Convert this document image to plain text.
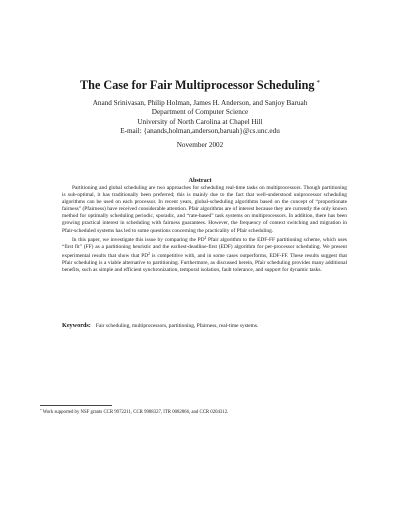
The Case for Fair Multiprocessor Scheduling *
Anand Srinivasan, Philip Holman, James H. Anderson, and Sanjoy Baruah
Department of Computer Science
University of North Carolina at Chapel Hill
E-mail: {anands,holman,anderson,baruah}@cs.unc.edu
November 2002
Abstract

Partitioning and global scheduling are two approaches for scheduling real-time tasks on multiprocessors. Though partitioning is sub-optimal, it has traditionally been preferred; this is mainly due to the fact that well-understood uniprocessor scheduling algorithms can be used on each processor. In recent years, global-scheduling algorithms based on the concept of “proportionate fairness” (Pfairness) have received considerable attention. Pfair algorithms are of interest because they are currently the only known method for optimally scheduling periodic, sporadic, and “rate-based” task systems on multiprocessors. In addition, there has been growing practical interest in scheduling with fairness guarantees. However, the frequency of context switching and migration in Pfair-scheduled systems has led to some questions concerning the practicality of Pfair scheduling.

In this paper, we investigate this issue by comparing the $PD^2$ Pfair algorithm to the EDF-FF partitioning scheme, which uses “first fit” (FF) as a partitioning heuristic and the earliest-deadline-first (EDF) algorithm for per-processor scheduling. We present experimental results that show that $PD^2$ is competitive with, and in some cases outperforms, EDF-FF. These results suggest that Pfair scheduling is a viable alternative to partitioning. Furthermore, as discussed herein, Pfair scheduling provides many additional benefits, such as simple and efficient synchronization, temporal isolation, fault tolerance, and support for dynamic tasks.

Keywords: Fair scheduling, multiprocessors, partitioning, Pfairness, real-time systems.
*Work supported by NSF grants CCR 9972211, CCR 9988327, ITR 0082866, and CCR 0204312.
